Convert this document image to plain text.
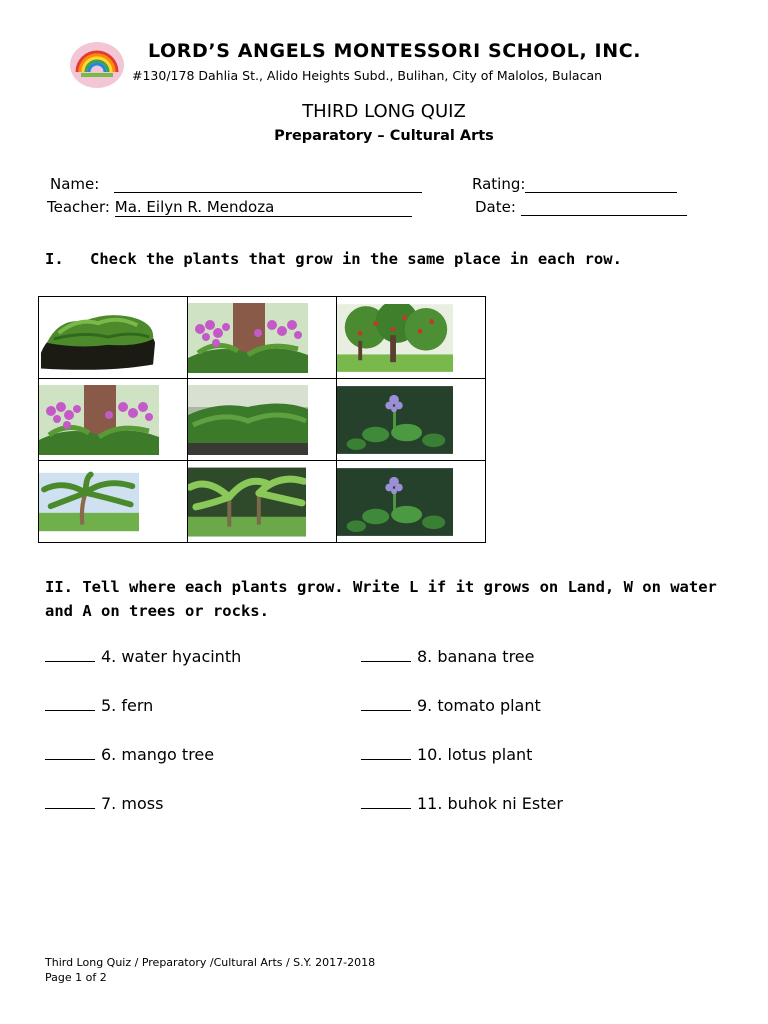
LORD’S ANGELS MONTESSORI SCHOOL, INC.
#130/178 Dahlia St., Alido Heights Subd., Bulihan, City of Malolos, Bulacan
THIRD LONG QUIZ
Preparatory – Cultural Arts
Name:	Rating:
Teacher: Ma. Eilyn R. Mendoza	Date:
I. Check the plants that grow in the same place in each row.

II. Tell where each plants grow. Write L if it grows on Land, W on water and A on trees or rocks.
4. water hyacinth
5. fern
6. mango tree
7. moss
8. banana tree
9. tomato plant
10. lotus plant
11. buhok ni Ester
Third Long Quiz / Preparatory /Cultural Arts / S.Y. 2017-2018
Page 1 of 2
